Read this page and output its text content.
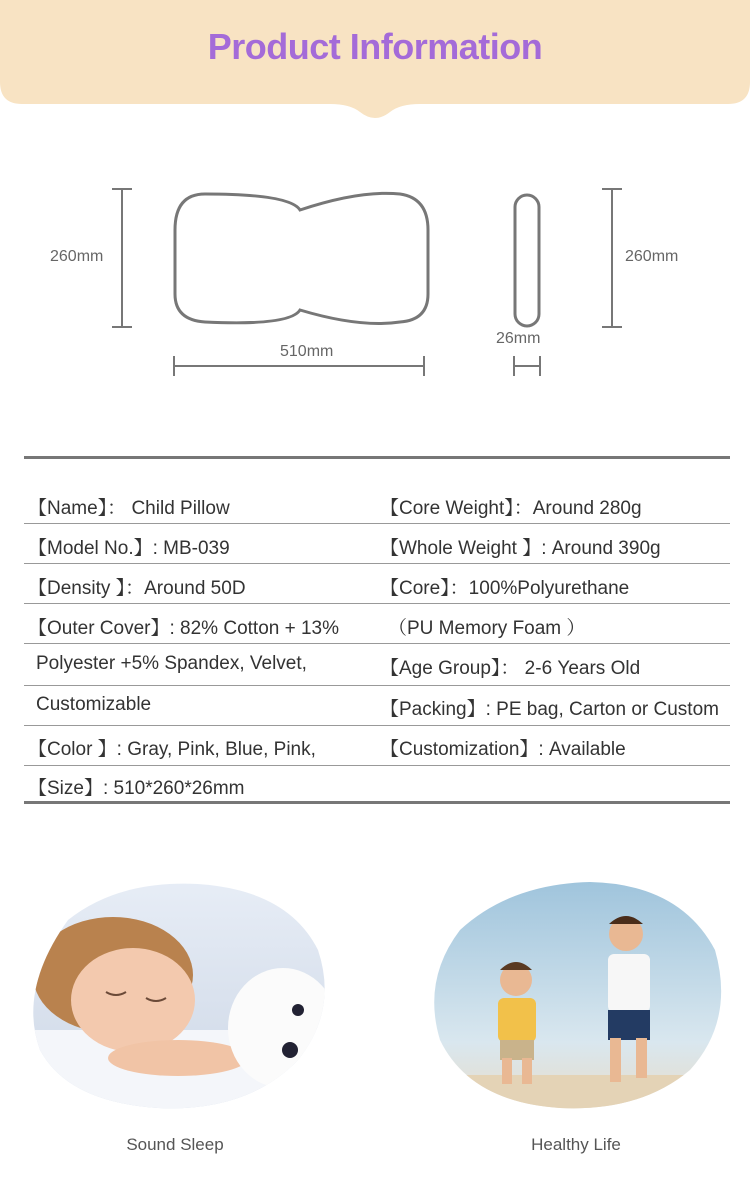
Product Information
260mm
510mm
26mm
260mm
【Name】： Child Pillow
【Model No.】: MB-039
【Density 】：Around 50D
【Outer Cover】: 82% Cotton + 13%
Polyester +5% Spandex, Velvet,
Customizable
【Color 】: Gray, Pink, Blue, Pink,
【Size】: 510*260*26mm
【Core Weight】：Around 280g
【Whole Weight 】: Around 390g
【Core】：100%Polyurethane
（PU Memory Foam ）
【Age Group】： 2-6 Years Old
【Packing】: PE bag, Carton or Custom
【Customization】: Available
Sound Sleep	Healthy Life
